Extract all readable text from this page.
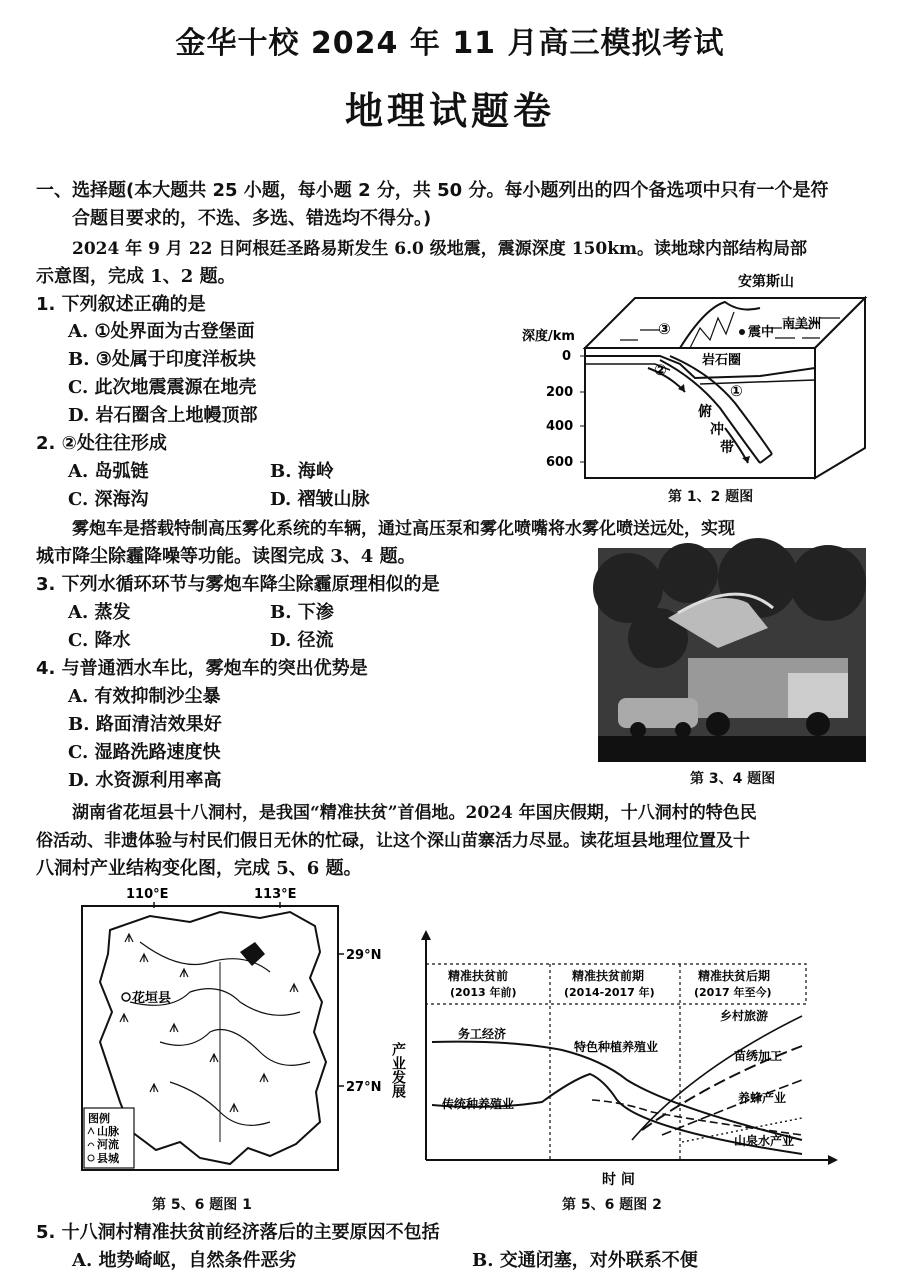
金华十校 2024 年 11 月高三模拟考试
地理试题卷
一、选择题(本大题共 25 小题，每小题 2 分，共 50 分。每小题列出的四个备选项中只有一个是符
合题目要求的，不选、多选、错选均不得分。)
2024 年 9 月 22 日阿根廷圣路易斯发生 6.0 级地震，震源深度 150km。读地球内部结构局部
示意图，完成 1、2 题。
1. 下列叙述正确的是
A. ①处界面为古登堡面
B. ③处属于印度洋板块
C. 此次地震震源在地壳
D. 岩石圈含上地幔顶部
2. ②处往往形成
A. 岛弧链	B. 海岭
C. 深海沟	D. 褶皱山脉
安第斯山
深度/km
0
200
400
600
③
②
①
震中
南美洲
岩石圈
俯
冲
带
第 1、2 题图
雾炮车是搭载特制高压雾化系统的车辆，通过高压泵和雾化喷嘴将水雾化喷送远处，实现
城市降尘除霾降噪等功能。读图完成 3、4 题。
第 3、4 题图
3. 下列水循环环节与雾炮车降尘除霾原理相似的是
A. 蒸发	B. 下渗
C. 降水	D. 径流
4. 与普通洒水车比，雾炮车的突出优势是
A. 有效抑制沙尘暴
B. 路面清洁效果好
C. 湿路洗路速度快
D. 水资源利用率高
湖南省花垣县十八洞村，是我国“精准扶贫”首倡地。2024 年国庆假期，十八洞村的特色民
俗活动、非遗体验与村民们假日无休的忙碌，让这个深山苗寨活力尽显。读花垣县地理位置及十
八洞村产业结构变化图，完成 5、6 题。
110°E	113°E
29°N
27°N
花垣县
图例
山脉
河流
县城
第 5、6 题图 1
精准扶贫前
(2013 年前)
精准扶贫前期
(2014-2017 年)
精准扶贫后期
(2017 年至今)
产业发展
务工经济
传统种养殖业
特色种植养殖业
乡村旅游
苗绣加工
养蜂产业
山泉水产业
时 间
第 5、6 题图 2
5. 十八洞村精准扶贫前经济落后的主要原因不包括
A. 地势崎岖，自然条件恶劣	B. 交通闭塞，对外联系不便
